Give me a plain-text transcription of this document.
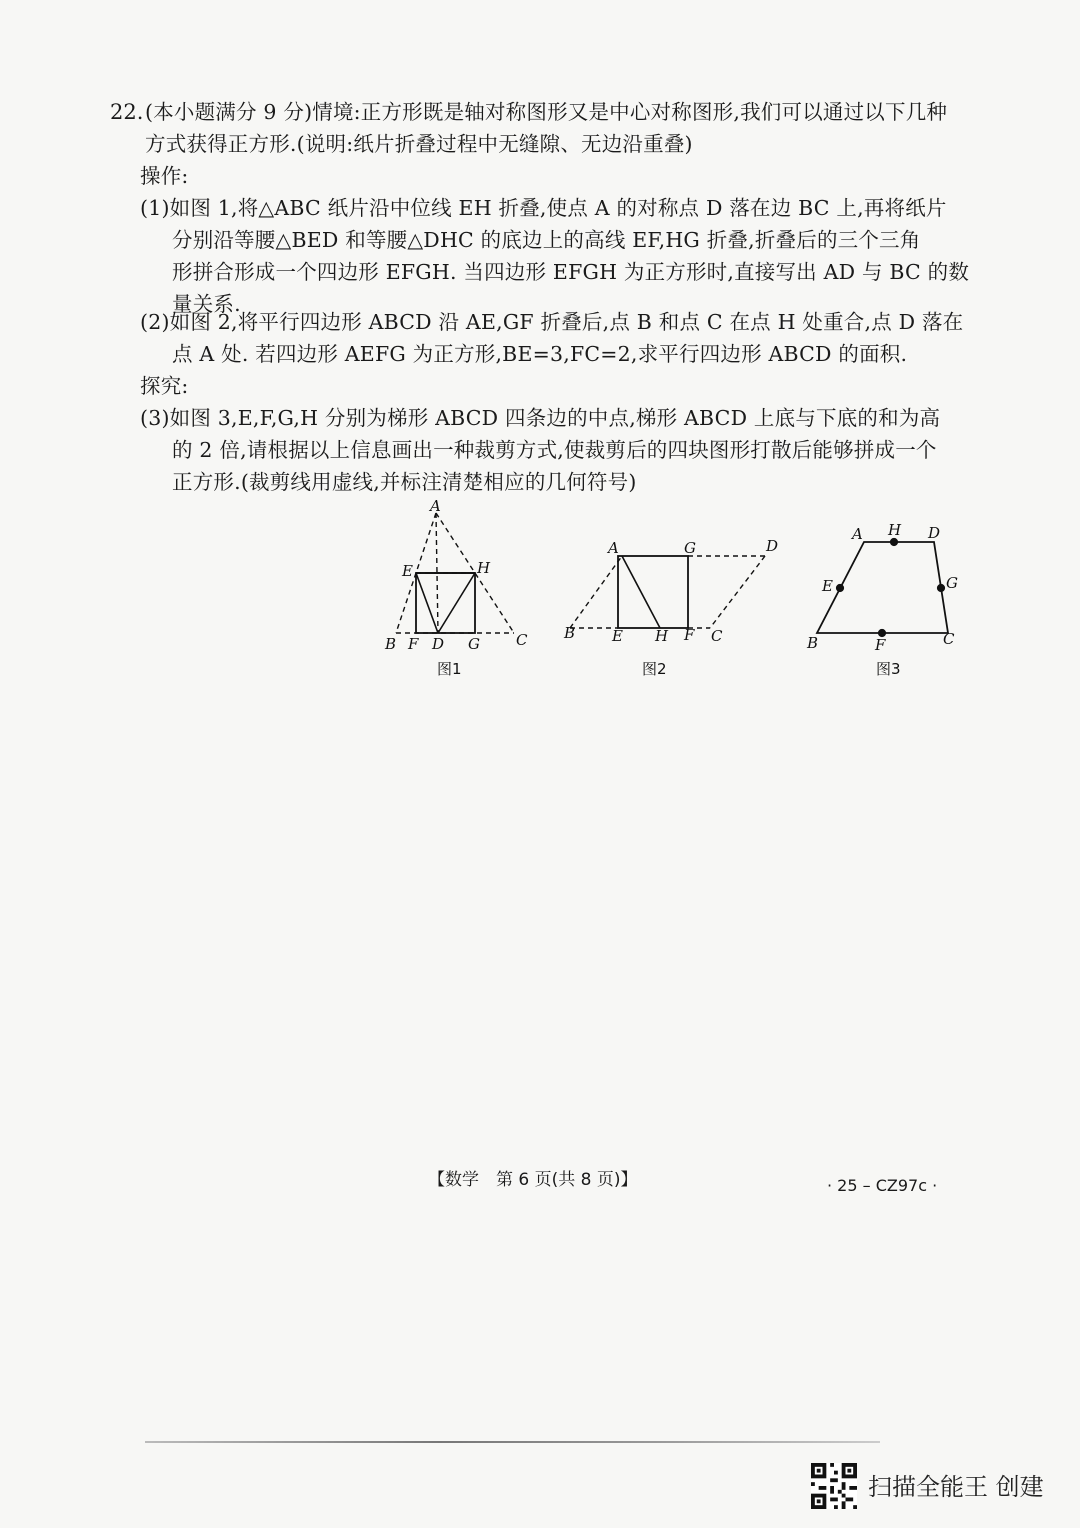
22. (本小题满分 9 分)情境:正方形既是轴对称图形又是中心对称图形,我们可以通过以下几种
方式获得正方形.(说明:纸片折叠过程中无缝隙、无边沿重叠)
操作:
(1)如图 1,将△ABC 纸片沿中位线 EH 折叠,使点 A 的对称点 D 落在边 BC 上,再将纸片
分别沿等腰△BED 和等腰△DHC 的底边上的高线 EF,HG 折叠,折叠后的三个三角
形拼合形成一个四边形 EFGH. 当四边形 EFGH 为正方形时,直接写出 AD 与 BC 的数
量关系.
(2)如图 2,将平行四边形 ABCD 沿 AE,GF 折叠后,点 B 和点 C 在点 H 处重合,点 D 落在
点 A 处. 若四边形 AEFG 为正方形,BE=3,FC=2,求平行四边形 ABCD 的面积.
探究:
(3)如图 3,E,F,G,H 分别为梯形 ABCD 四条边的中点,梯形 ABCD 上底与下底的和为高
的 2 倍,请根据以上信息画出一种裁剪方式,使裁剪后的四块图形打散后能够拼成一个
正方形.(裁剪线用虚线,并标注清楚相应的几何符号)
A
E	H
B F D G C
图1
A	G	D
B E H F C
图2
A H D
E	G
B	F	C
图3
【数学　第 6 页(共 8 页)】	· 25 – CZ97c ·
扫描全能王 创建
